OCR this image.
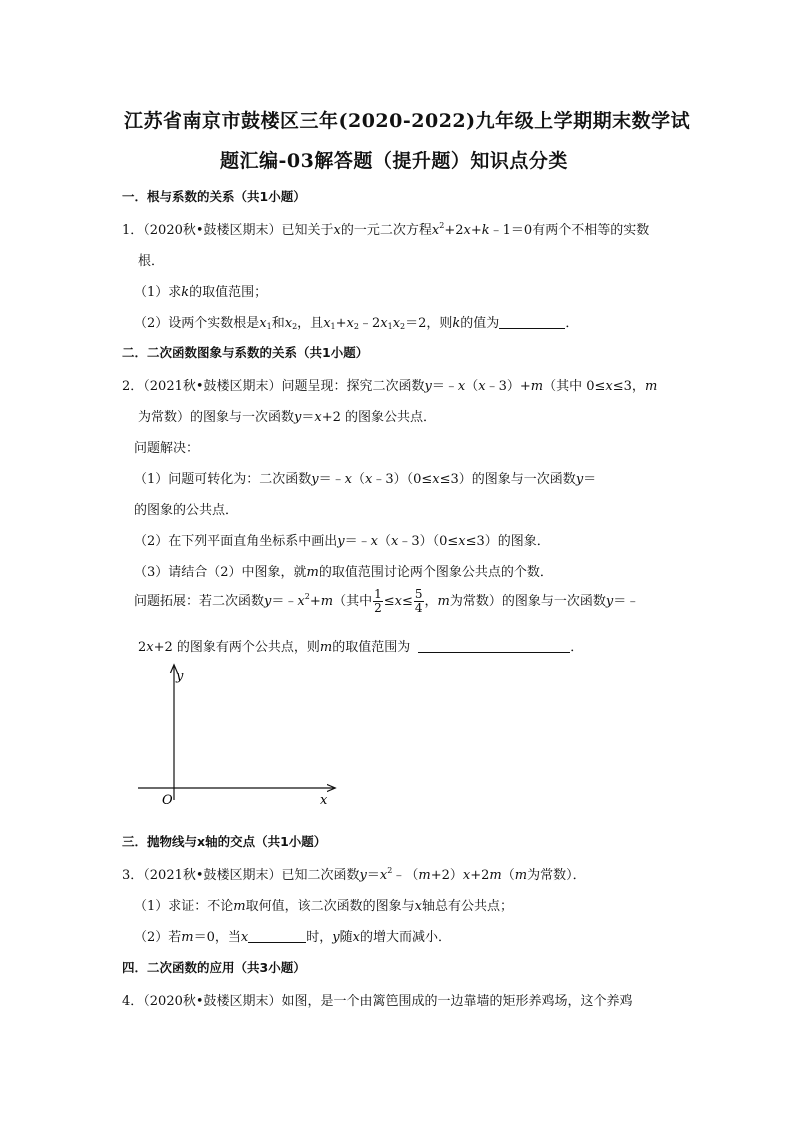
江苏省南京市鼓楼区三年(2020-2022)九年级上学期期末数学试
题汇编-03解答题（提升题）知识点分类
一．根与系数的关系（共1小题）
1．（2020秋•鼓楼区期末）已知关于x的一元二次方程$x^2+2x+k﹣1=0$有两个不相等的实数
根．
（1）求k的取值范围；
（2）设两个实数根是$x_1$和$x_2$，且$x_1+x_2﹣2x_1x_2=2$，则k的值为	．
二．二次函数图象与系数的关系（共1小题）
2．（2021秋•鼓楼区期末）问题呈现：探究二次函数y＝﹣x（x﹣3）+m（其中 0≤x≤3，m
为常数）的图象与一次函数y＝x+2 的图象公共点．
问题解决：
（1）问题可转化为：二次函数y＝﹣x（x﹣3）（0≤x≤3）的图象与一次函数y＝
的图象的公共点．
（2）在下列平面直角坐标系中画出y＝﹣x（x﹣3）（0≤x≤3）的图象．
（3）请结合（2）中图象，就m的取值范围讨论两个图象公共点的个数．
问题拓展：若二次函数$y=﹣x^2+m$（其中 $\frac{1}{2} \le x\le \frac{5}{4}$ ，m为常数）的图象与一次函数y＝﹣
2x+2 的图象有两个公共点，则m的取值范围为	．
y
x
O
三．抛物线与x轴的交点（共1小题）
3．（2021秋•鼓楼区期末）已知二次函数$y=x^2﹣(m+2)x+2m(m$为常数）．
（1）求证：不论m取何值，该二次函数的图象与x轴总有公共点；
（2）若m＝0，当x	时，y随x的增大而减小．
四．二次函数的应用（共3小题）
4．（2020秋•鼓楼区期末）如图，是一个由篱笆围成的一边靠墙的矩形养鸡场，这个养鸡
